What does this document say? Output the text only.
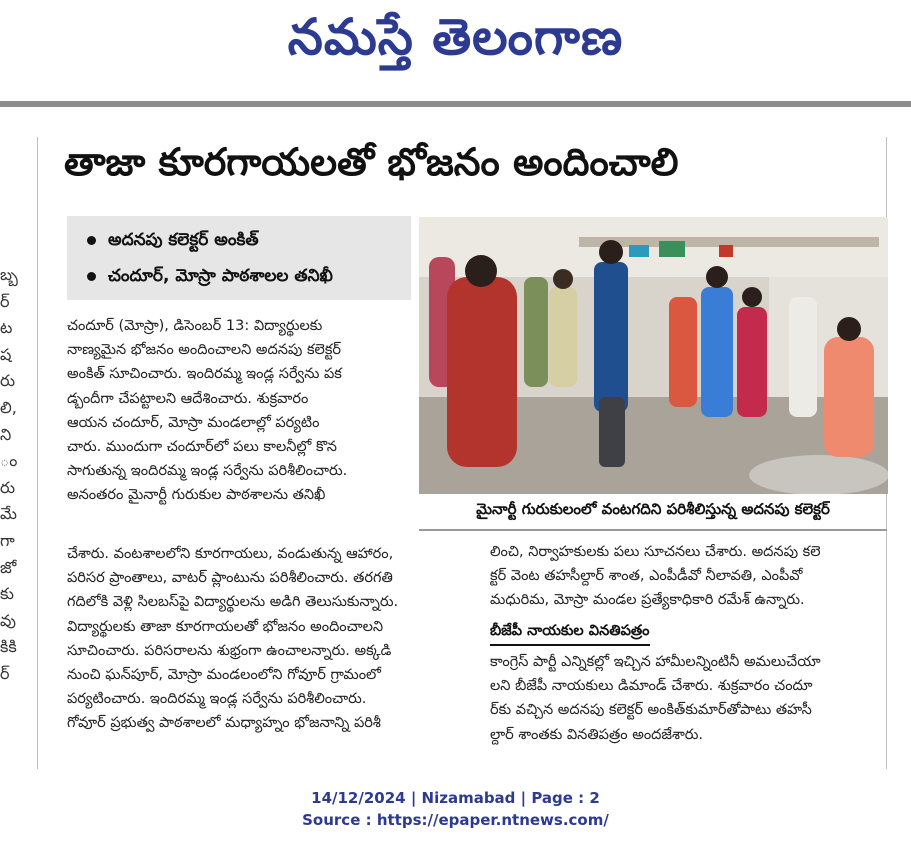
నమస్తే తెలంగాణ
బ్బ
ర్
ట
ష
రు
లి,
ని
ం
రు
మే
గా
జో
కు
వు
కికి
ర్
తాజా కూరగాయలతో భోజనం అందించాలి
అదనపు కలెక్టర్ అంకిత్
చందూర్, మోస్రా పాఠశాలల తనిఖీ
మైనార్టీ గురుకులంలో వంటగదిని పరిశీలిస్తున్న అదనపు కలెక్టర్
చందూర్ (మోస్రా), డిసెంబర్ 13: విద్యార్థులకు
నాణ్యమైన భోజనం అందించాలని అదనపు కలెక్టర్
అంకిత్ సూచించారు. ఇందిరమ్మ ఇండ్ల సర్వేను పక
డ్బందీగా చేపట్టాలని ఆదేశించారు. శుక్రవారం
ఆయన చందూర్, మోస్రా మండలాల్లో పర్యటిం
చారు. ముందుగా చందూర్‌లో పలు కాలనీల్లో కొన
సాగుతున్న ఇందిరమ్మ ఇండ్ల సర్వేను పరిశీలించారు.
అనంతరం మైనార్టీ గురుకుల పాఠశాలను తనిఖీ
చేశారు. వంటశాలలోని కూరగాయలు, వండుతున్న ఆహారం,
పరిసర ప్రాంతాలు, వాటర్ ప్లాంటును పరిశీలించారు. తరగతి
గదిలోకి వెళ్లి సిలబస్‌పై విద్యార్థులను అడిగి తెలుసుకున్నారు.
విద్యార్థులకు తాజా కూరగాయలతో భోజనం అందించాలని
సూచించారు. పరిసరాలను శుభ్రంగా ఉంచాలన్నారు. అక్కడి
నుంచి ఘన్‌పూర్, మోస్రా మండలంలోని గోవూర్ గ్రామంలో
పర్యటించారు. ఇందిరమ్మ ఇండ్ల సర్వేను పరిశీలించారు.
గోవూర్ ప్రభుత్వ పాఠశాలలో మధ్యాహ్నం భోజనాన్ని పరిశీ
లించి, నిర్వాహకులకు పలు సూచనలు చేశారు. అదనపు కలె
క్టర్ వెంట తహసీల్దార్ శాంత, ఎంపీడీవో నీలావతి, ఎంపీవో
మధురిమ, మోస్రా మండల ప్రత్యేకాధికారి రమేశ్ ఉన్నారు.
బీజేపీ నాయకుల వినతిపత్రం
కాంగ్రెస్ పార్టీ ఎన్నికల్లో ఇచ్చిన హామీలన్నింటినీ అమలుచేయా
లని బీజేపీ నాయకులు డిమాండ్ చేశారు. శుక్రవారం చందూ
ర్‌కు వచ్చిన అదనపు కలెక్టర్ అంకిత్‌కుమార్‌తోపాటు తహసీ
ల్దార్ శాంతకు వినతిపత్రం అందజేశారు.
14/12/2024 | Nizamabad | Page : 2
Source : https://epaper.ntnews.com/
